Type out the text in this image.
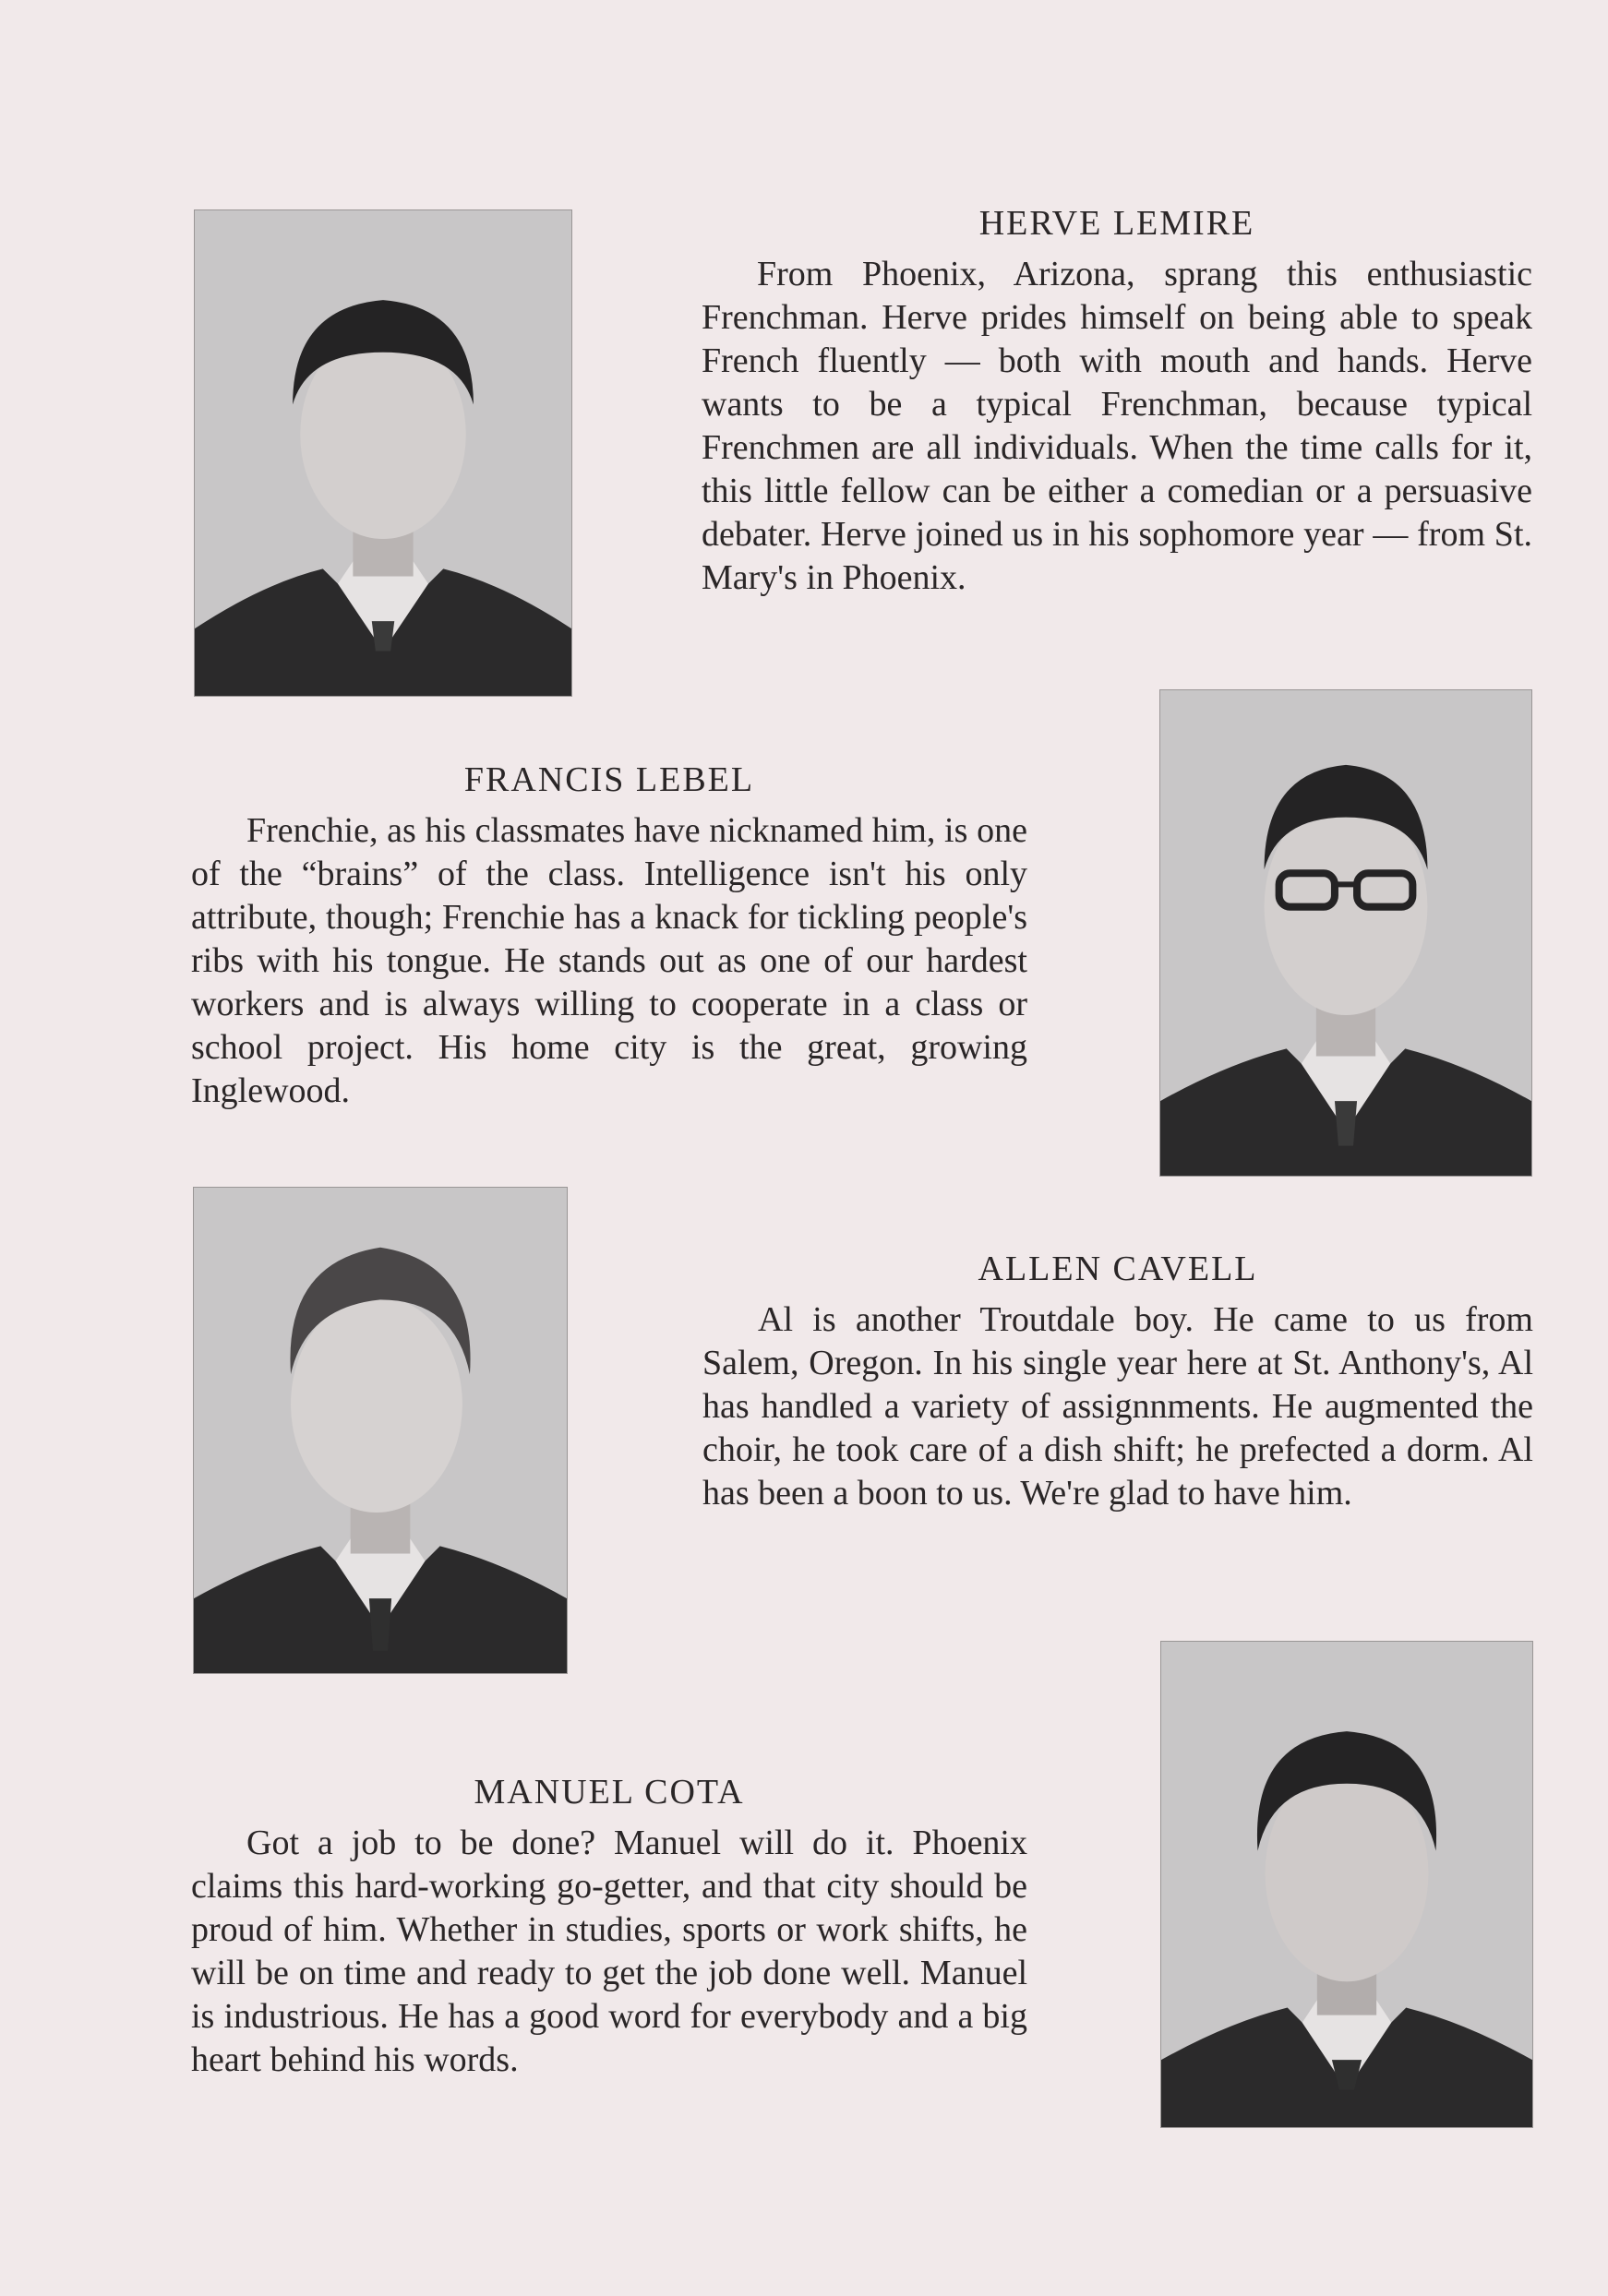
HERVE LEMIRE

From Phoenix, Arizona, sprang this enthusiastic Frenchman. Herve prides himself on being able to speak French fluently — both with mouth and hands. Herve wants to be a typical Frenchman, because typical Frenchmen are all individuals. When the time calls for it, this little fellow can be either a comedian or a persuasive debater. Herve joined us in his sophomore year — from St. Mary's in Phoenix.

FRANCIS LEBEL

Frenchie, as his classmates have nicknamed him, is one of the “brains” of the class. Intelligence isn't his only attribute, though; Frenchie has a knack for tickling people's ribs with his tongue. He stands out as one of our hardest workers and is always willing to cooperate in a class or school project. His home city is the great, growing Inglewood.

ALLEN CAVELL

Al is another Troutdale boy. He came to us from Salem, Oregon. In his single year here at St. Anthony's, Al has handled a variety of assignnments. He augmented the choir, he took care of a dish shift; he prefected a dorm. Al has been a boon to us. We're glad to have him.

MANUEL COTA

Got a job to be done? Manuel will do it. Phoenix claims this hard-working go-getter, and that city should be proud of him. Whether in studies, sports or work shifts, he will be on time and ready to get the job done well. Manuel is industrious. He has a good word for everybody and a big heart behind his words.
